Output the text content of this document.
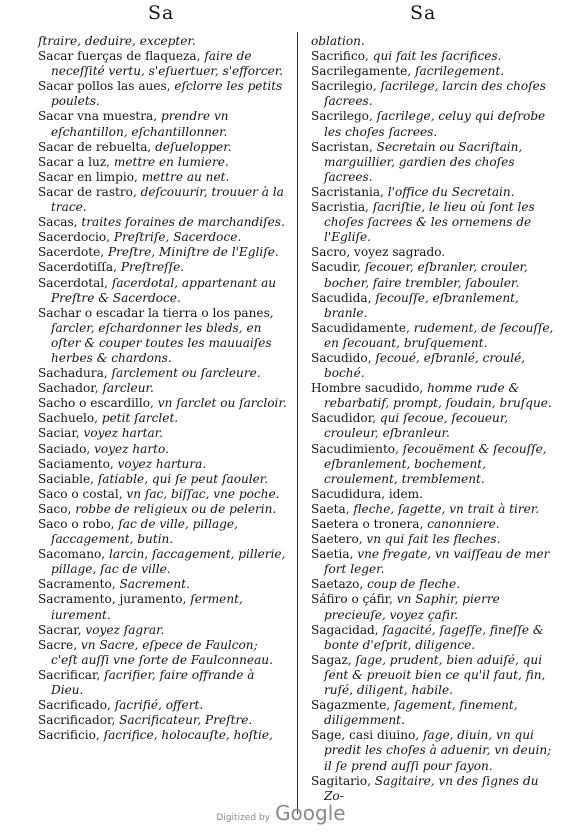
Sa	Sa
ſtraire, deduire, excepter.
Sacar fuerças de flaqueza, faire de neceſſité vertu, s'eſuertuer, s'efforcer.
Sacar pollos las aues, eſclorre les petits poulets.
Sacar vna muestra, prendre vn eſchantillon, eſchantillonner.
Sacar de rebuelta, deſuelopper.
Sacar a luz, mettre en lumiere.
Sacar en limpio, mettre au net.
Sacar de rastro, deſcouurir, trouuer à la trace.
Sacas, traites foraines de marchandiſes.
Sacerdocio, Preſtriſe, Sacerdoce.
Sacerdote, Preſtre, Miniſtre de l'Egliſe.
Sacerdotiſſa, Preſtreſſe.
Sacerdotal, ſacerdotal, appartenant au Preſtre & Sacerdoce.
Sachar o escadar la tierra o los panes, ſarcler, eſchardonner les bleds, en oſter & couper toutes les mauuaiſes herbes & chardons.
Sachadura, ſarclement ou ſarcleure.
Sachador, ſarcleur.
Sacho o escardillo, vn ſarclet ou ſarcloir.
Sachuelo, petit ſarclet.
Saciar, voyez hartar.
Saciado, voyez harto.
Saciamento, voyez hartura.
Saciable, ſatiable, qui ſe peut ſaouler.
Saco o costal, vn ſac, biſſac, vne poche.
Saco, robbe de religieux ou de pelerin.
Saco o robo, ſac de ville, pillage, ſaccagement, butin.
Sacomano, larcin, ſaccagement, pillerie, pillage, ſac de ville.
Sacramento, Sacrement.
Sacramento, juramento, ſerment, iurement.
Sacrar, voyez ſagrar.
Sacre, vn Sacre, eſpece de Faulcon; c'eſt auſſi vne ſorte de Faulconneau.
Sacrificar, ſacrifier, faire offrande à Dieu.
Sacrificado, ſacrifié, offert.
Sacrificador, Sacrificateur, Preſtre.
Sacrificio, ſacrifice, holocauſte, hoſtie,
oblation.
Sacrifico, qui fait les ſacrifices.
Sacrilegamente, ſacrilegement.
Sacrilegio, ſacrilege, larcin des choſes ſacrees.
Sacrilego, ſacrilege, celuy qui deſrobe les choſes ſacrees.
Sacristan, Secretain ou Sacriſtain, marguillier, gardien des choſes ſacrees.
Sacristania, l'office du Secretain.
Sacristia, ſacriſtie, le lieu où ſont les choſes ſacrees & les ornemens de l'Egliſe.
Sacro, voyez sagrado.
Sacudir, ſecouer, eſbranler, crouler, bocher, faire trembler, ſabouler.
Sacudida, ſecouſſe, eſbranlement, branle.
Sacudidamente, rudement, de ſecouſſe, en ſecouant, bruſquement.
Sacudido, ſecoué, eſbranlé, croulé, boché.
Hombre sacudido, homme rude & rebarbatif, prompt, ſoudain, bruſque.
Sacudidor, qui ſecoue, ſecoueur, crouleur, eſbranleur.
Sacudimiento, ſecouëment & ſecouſſe, eſbranlement, bochement, croulement, tremblement.
Sacudidura, idem.
Saeta, fleche, ſagette, vn trait à tirer.
Saetera o tronera, canonniere.
Saetero, vn qui fait les fleches.
Saetia, vne fregate, vn vaiſſeau de mer fort leger.
Saetazo, coup de fleche.
Sáfiro o çáfir, vn Saphir, pierre precieuſe, voyez çafir.
Sagacidad, ſagacité, ſageſſe, fineſſe & bonte d'eſprit, diligence.
Sagaz, ſage, prudent, bien aduiſé, qui ſent & preuoit bien ce qu'il faut, fin, ruſé, diligent, habile.
Sagazmente, ſagement, finement, diligemment.
Sage, casi diuino, ſage, diuin, vn qui predit les choſes à aduenir, vn deuin; il ſe prend auſſi pour ſayon.
Sagitario, Sagitaire, vn des ſignes du Zo-
Digitized by Google
